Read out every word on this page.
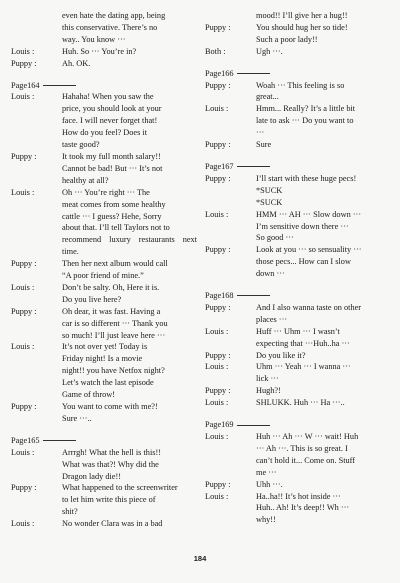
even hate the dating app, being
this conservative. There’s no
way.. You know ···
Louis :	Huh. So ··· You’re in?
Puppy :	Ah. OK.
Page164
Louis :	Hahaha! When you saw the
price, you should look at your
face. I will never forget that!
How do you feel? Does it
taste good?
Puppy :	It took my full month salary!!
Cannot be bad! But ··· It’s not
healthy at all?
Louis :	Oh ··· You’re right ··· The
meat comes from some healthy
cattle ··· I guess? Hehe, Sorry
about that. I’ll tell Taylors not to
recommend luxury restaurants next time.
Puppy :	Then her next album would call
“A poor friend of mine.”
Louis :	Don’t be salty. Oh, Here it is.
Do you live here?
Puppy :	Oh dear, it was fast. Having a
car is so different ··· Thank you
so much! I’ll just leave here ···
Louis :	It’s not over yet! Today is
Friday night! Is a movie
night!! you have Netfox night?
Let’s watch the last episode
Game of throw!
Puppy :	You want to come with me?!
Sure ···..
Page165
Louis :	Arrrgh! What the hell is this!!
What was that?! Why did the
Dragon lady die!!
Puppy :	What happened to the screenwriter
to let him write this piece of
shit?
Louis :	No wonder Clara was in a bad
mood!! I’ll give her a hug!!
Puppy :	You should hug her so tide!
Such a poor lady!!
Both :	Ugh ···.
Page166
Puppy :	Woah ··· This feeling is so
great...
Louis :	Hmm... Really? It’s a little bit
late to ask ··· Do you want to
···
Puppy :	Sure
Page167
Puppy :	I’ll start with these huge pecs!
*SUCK
*SUCK
Louis :	HMM ··· AH ··· Slow down ···
I’m sensitive down there ···
So good ···
Puppy :	Look at you ··· so sensuality ···
those pecs... How can I slow
down ···
Page168
Puppy :	And I also wanna taste on other
places ···
Louis :	Huff ··· Uhm ··· I wasn’t
expecting that ···Huh..ha ···
Puppy :	Do you like it?
Louis :	Uhm ··· Yeah ··· I wanna ···
lick ···
Puppy :	Hugh?!
Louis :	SHLUKK. Huh ··· Ha ···..
Page169
Louis :	Huh ··· Ah ··· W ··· wait! Huh
··· Ah ···. This is so great. I
can’t hold it... Come on. Stuff
me ···
Puppy :	Uhh ···.
Louis :	Ha..ha!! It’s hot inside ···
Huh.. Ah! It’s deep!! Wh ···
why!!
184
